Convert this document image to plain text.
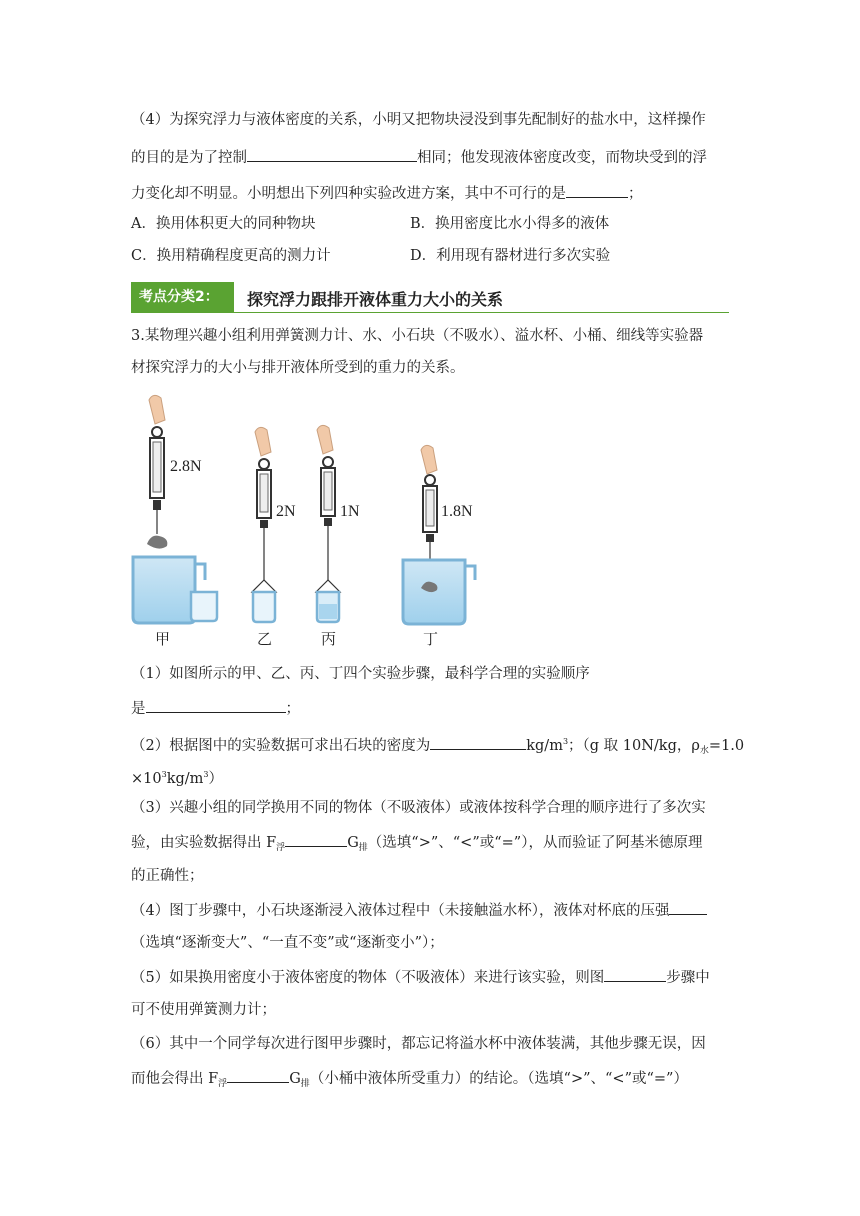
（4）为探究浮力与液体密度的关系，小明又把物块浸没到事先配制好的盐水中，这样操作
的目的是为了控制	相同；他发现液体密度改变，而物块受到的浮
力变化却不明显。小明想出下列四种实验改进方案，其中不可行的是	；
A．换用体积更大的同种物块	B．换用密度比水小得多的液体
C．换用精确程度更高的测力计	D．利用现有器材进行多次实验
考点分类2：	探究浮力跟排开液体重力大小的关系
3.某物理兴趣小组利用弹簧测力计、水、小石块（不吸水）、溢水杯、小桶、细线等实验器
材探究浮力的大小与排开液体所受到的重力的关系。
2.8N
2N	1N	1.8N
甲	乙	丙	丁
（1）如图所示的甲、乙、丙、丁四个实验步骤，最科学合理的实验顺序
是	；
（2）根据图中的实验数据可求出石块的密度为	$kg/m^3$；（g 取 10N/kg，$\rho_水=1.0$
$\times 10^3kg/m^3$）
（3）兴趣小组的同学换用不同的物体（不吸液体）或液体按科学合理的顺序进行了多次实
验，由实验数据得出 $F_浮$	$G_排$（选填“>”、“<”或“=”），从而验证了阿基米德原理
的正确性；
（4）图丁步骤中，小石块逐渐浸入液体过程中（未接触溢水杯），液体对杯底的压强
（选填“逐渐变大”、“一直不变”或“逐渐变小”）；
（5）如果换用密度小于液体密度的物体（不吸液体）来进行该实验，则图	步骤中
可不使用弹簧测力计；
（6）其中一个同学每次进行图甲步骤时，都忘记将溢水杯中液体装满，其他步骤无误，因
而他会得出 $F_浮$	$G_排$（小桶中液体所受重力）的结论。（选填“>”、“<”或“=”）
